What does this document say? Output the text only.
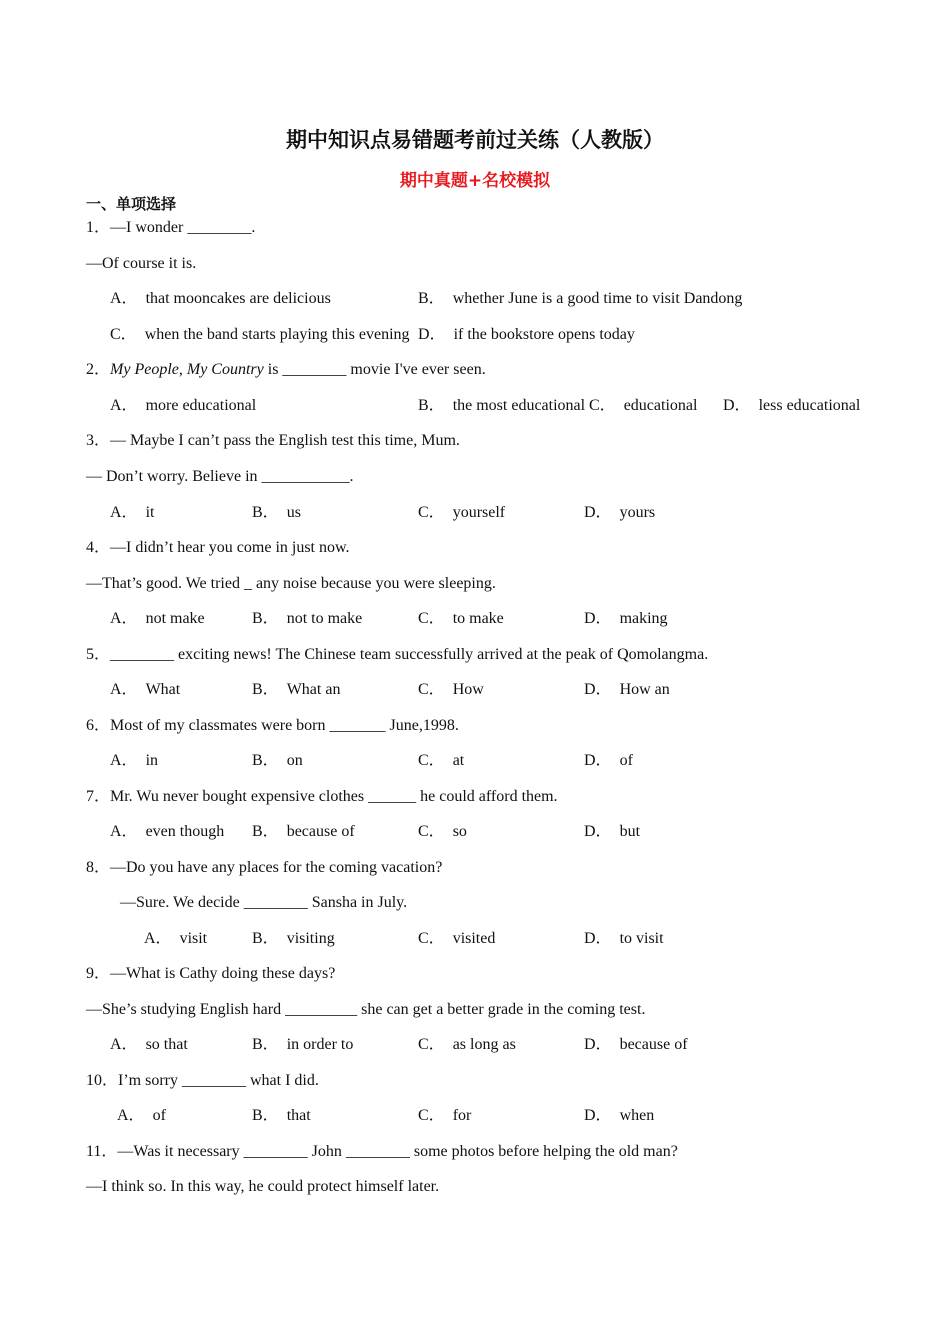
期中知识点易错题考前过关练（人教版）
期中真题+名校模拟
一、单项选择
1．—I wonder ________.
—Of course it is.
A． that mooncakes are delicious	B． whether June is a good time to visit Dandong
C． when the band starts playing this evening D． if the bookstore opens today
2．My People, My Country is ________ movie I've ever seen.
A． more educational	B． the most educational C． educational D． less educational
3．— Maybe I can’t pass the English test this time, Mum.
— Don’t worry. Believe in ___________.
A． it	B． us	C． yourself	D． yours
4．—I didn’t hear you come in just now.
—That’s good. We tried _ any noise because you were sleeping.
A． not make	B． not to make	C． to make	D． making
5．________ exciting news! The Chinese team successfully arrived at the peak of Qomolangma.
A． What	B． What an	C． How	D． How an
6．Most of my classmates were born _______ June,1998.
A． in	B． on	C． at	D． of
7．Mr. Wu never bought expensive clothes ______ he could afford them.
A． even though B． because of	C． so	D． but
8．—Do you have any places for the coming vacation?
—Sure. We decide ________ Sansha in July.
A． visit	B． visiting	C． visited	D． to visit
9．—What is Cathy doing these days?
—She’s studying English hard _________ she can get a better grade in the coming test.
A． so that	B． in order to	C． as long as	D． because of
10．I’m sorry ________ what I did.
A． of	B． that	C． for	D． when
11．—Was it necessary ________ John ________ some photos before helping the old man?
—I think so. In this way, he could protect himself later.
